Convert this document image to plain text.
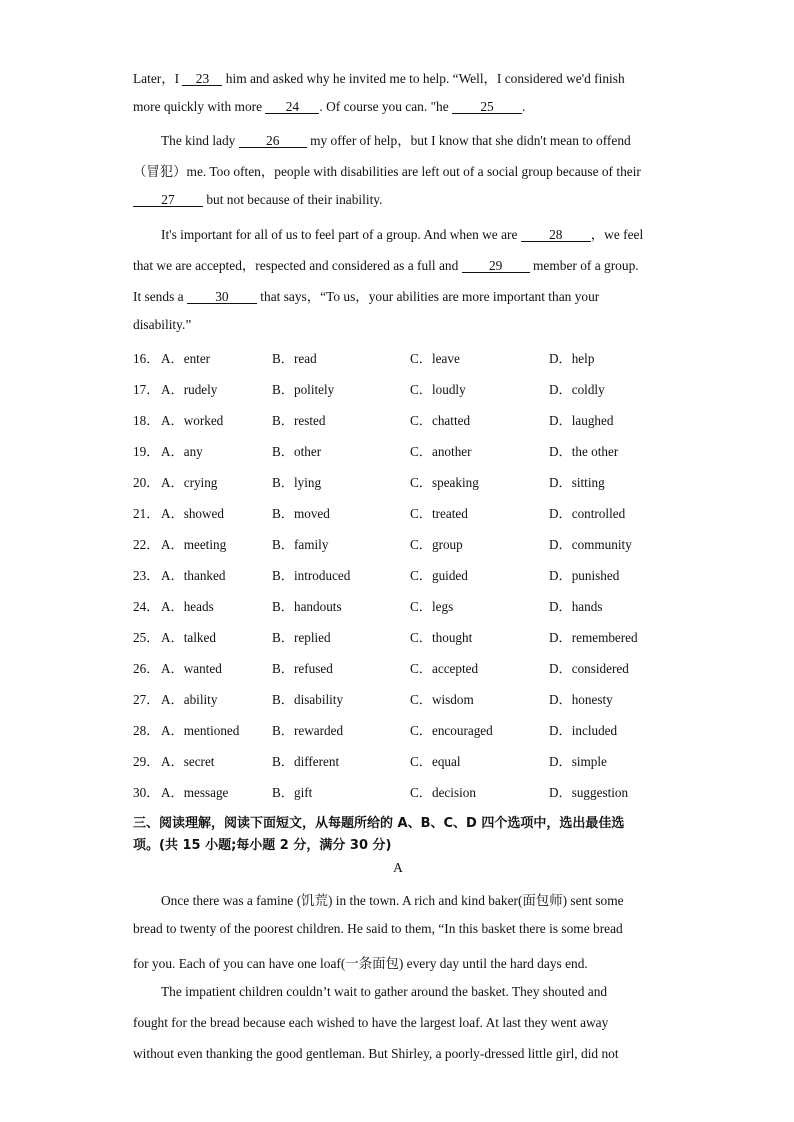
Later，I 23 him and asked why he invited me to help. “Well，I considered we'd finish
more quickly with more 24 . Of course you can. "he 25 .
The kind lady 26 my offer of help，but I know that she didn't mean to offend
（冒犯）me. Too often，people with disabilities are left out of a social group because of their
27 but not because of their inability.
It's important for all of us to feel part of a group. And when we are 28 ，we feel
that we are accepted，respected and considered as a full and 29 member of a group.
It sends a 30 that says，“To us，your abilities are more important than your
disability.”
16． A．enter	B．read	C．leave	D．help
17． A．rudely	B．politely	C．loudly	D．coldly
18． A．worked	B．rested	C．chatted	D．laughed
19． A．any	B．other	C．another	D．the other
20． A．crying	B．lying	C．speaking	D．sitting
21． A．showed	B．moved	C．treated	D．controlled
22． A．meeting	B．family	C．group	D．community
23． A．thanked	B．introduced	C．guided	D．punished
24． A．heads	B．handouts	C．legs	D．hands
25． A．talked	B．replied	C．thought	D．remembered
26． A．wanted	B．refused	C．accepted	D．considered
27． A．ability	B．disability	C．wisdom	D．honesty
28． A．mentioned B．rewarded	C．encouraged	D．included
29． A．secret	B．different	C．equal	D．simple
30． A．message	B．gift	C．decision	D．suggestion
三、阅读理解，阅读下面短文，从每题所给的 A、B、C、D 四个选项中，选出最佳选
项。(共 15 小题;每小题 2 分，满分 30 分)
A
Once there was a famine (饥荒) in the town. A rich and kind baker(面包师) sent some
bread to twenty of the poorest children. He said to them, “In this basket there is some bread
for you. Each of you can have one loaf(一条面包) every day until the hard days end.
The impatient children couldn’t wait to gather around the basket. They shouted and
fought for the bread because each wished to have the largest loaf. At last they went away
without even thanking the good gentleman. But Shirley, a poorly-dressed little girl, did not
